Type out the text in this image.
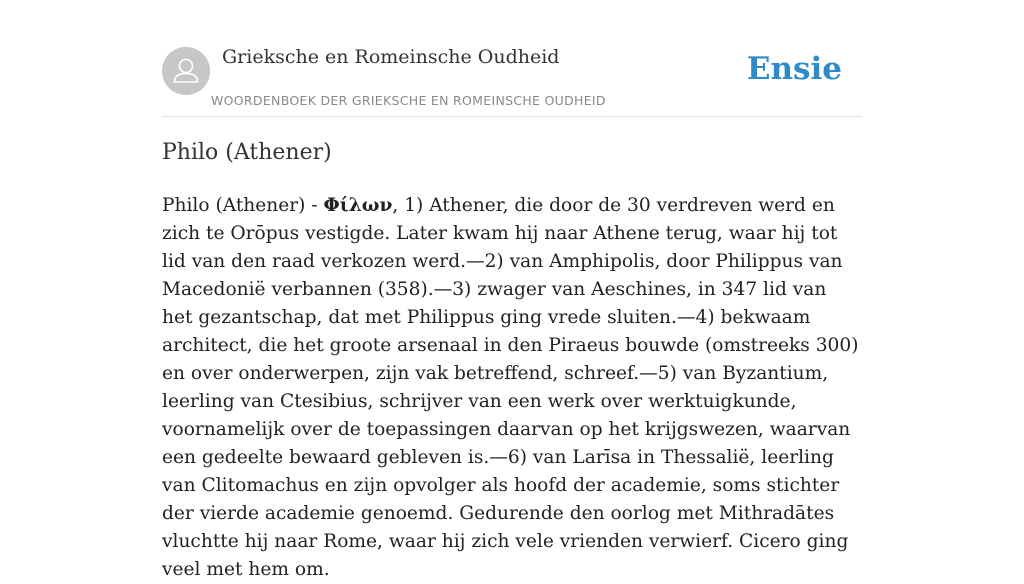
Grieksche en Romeinsche Oudheid
WOORDENBOEK DER GRIEKSCHE EN ROMEINSCHE OUDHEID
Ensie
Philo (Athener)

Philo (Athener) - Φίλων, 1) Athener, die door de 30 verdreven werd en zich te Orōpus vestigde. Later kwam hij naar Athene terug, waar hij tot lid van den raad verkozen werd.—2) van Amphipolis, door Philippus van Macedonië verbannen (358).—3) zwager van Aeschines, in 347 lid van het gezantschap, dat met Philippus ging vrede sluiten.—4) bekwaam architect, die het groote arsenaal in den Piraeus bouwde (omstreeks 300) en over onderwerpen, zijn vak betreffend, schreef.—5) van Byzantium, leerling van Ctesibius, schrijver van een werk over werktuigkunde, voornamelijk over de toepassingen daarvan op het krijgswezen, waarvan een gedeelte bewaard gebleven is.—6) van Larīsa in Thessalië, leerling van Clitomachus en zijn opvolger als hoofd der academie, soms stichter der vierde academie genoemd. Gedurende den oorlog met Mithradātes vluchtte hij naar Rome, waar hij zich vele vrienden verwierf. Cicero ging veel met hem om.
